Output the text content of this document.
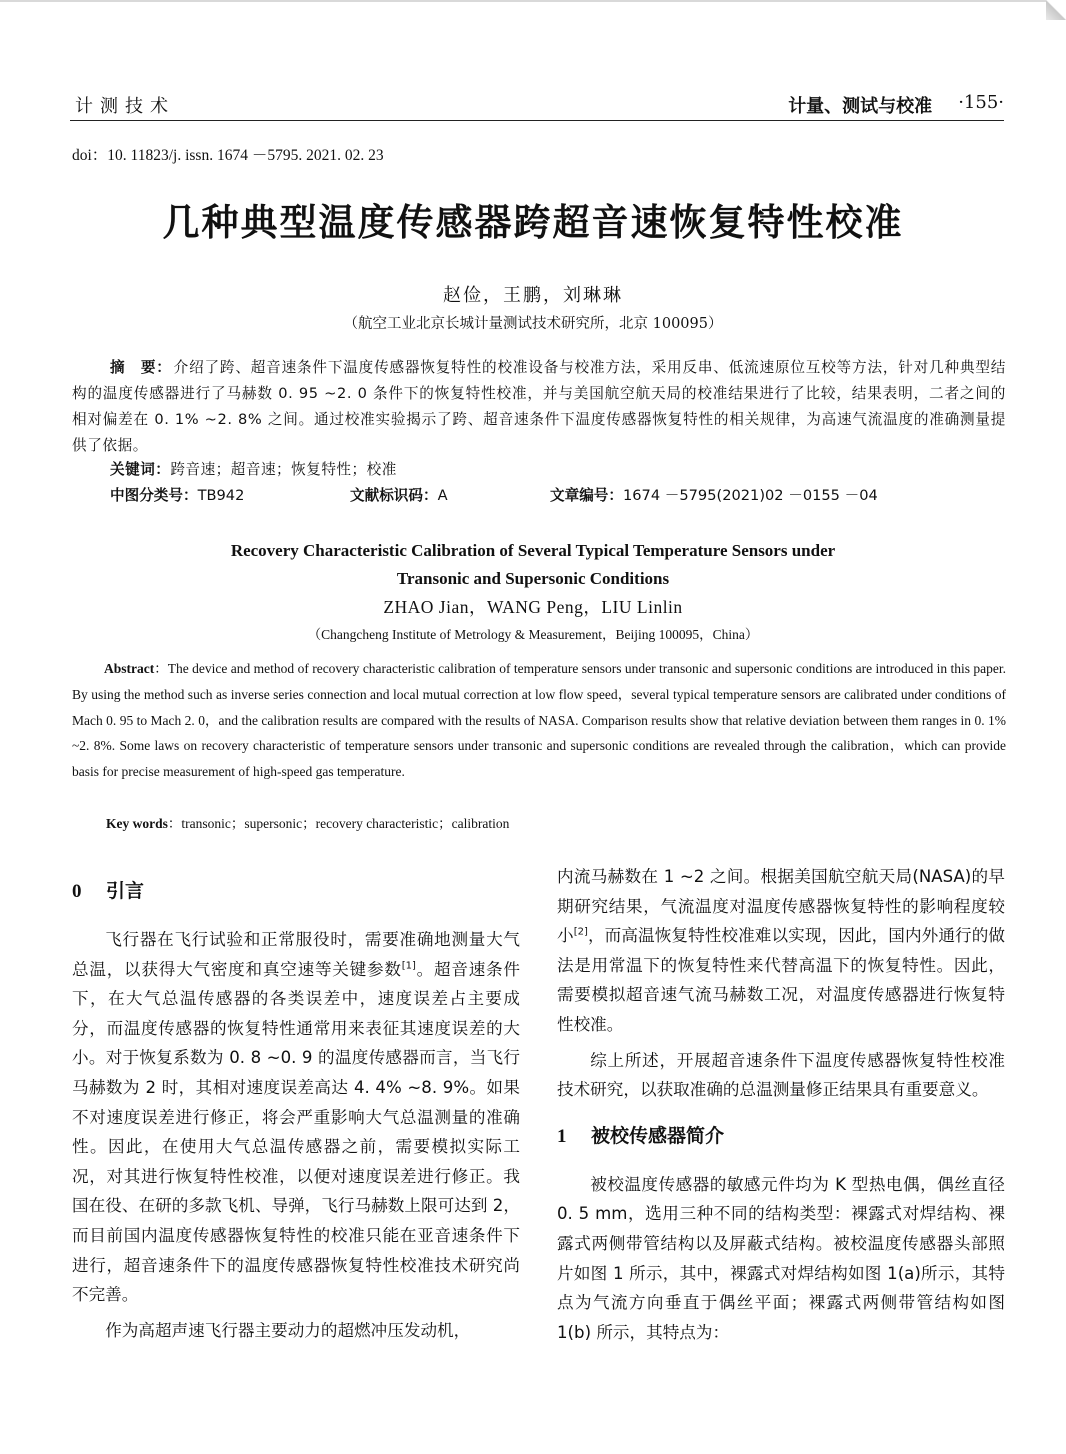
计测技术	计量、测试与校准 ·155·
doi：10. 11823/j. issn. 1674 －5795. 2021. 02. 23
几种典型温度传感器跨超音速恢复特性校准
赵俭，王鹏，刘琳琳
（航空工业北京长城计量测试技术研究所，北京 100095）
摘　要： 介绍了跨、超音速条件下温度传感器恢复特性的校准设备与校准方法，采用反串、低流速原位互校等方法，针对几种典型结构的温度传感器进行了马赫数 0. 95 ~2. 0 条件下的恢复特性校准，并与美国航空航天局的校准结果进行了比较，结果表明，二者之间的相对偏差在 0. 1% ~2. 8% 之间。通过校准实验揭示了跨、超音速条件下温度传感器恢复特性的相关规律，为高速气流温度的准确测量提供了依据。
关键词：跨音速；超音速；恢复特性；校准
中图分类号：TB942	文献标识码：A	文章编号：1674 －5795(2021)02 －0155 －04
Recovery Characteristic Calibration of Several Typical Temperature Sensors under
Transonic and Supersonic Conditions
ZHAO Jian，WANG Peng，LIU Linlin
（Changcheng Institute of Metrology & Measurement，Beijing 100095，China）
Abstract：The device and method of recovery characteristic calibration of temperature sensors under transonic and supersonic conditions are introduced in this paper. By using the method such as inverse series connection and local mutual correction at low flow speed，several typical temperature sensors are calibrated under conditions of Mach 0. 95 to Mach 2. 0，and the calibration results are compared with the results of NASA. Comparison results show that relative deviation between them ranges in 0. 1% ~2. 8%. Some laws on recovery characteristic of temperature sensors under transonic and supersonic conditions are revealed through the calibration，which can provide basis for precise measurement of high-speed gas temperature.
Key words：transonic；supersonic；recovery characteristic；calibration
0 引言

飞行器在飞行试验和正常服役时，需要准确地测量大气总温，以获得大气密度和真空速等关键参数[1]。超音速条件下，在大气总温传感器的各类误差中，速度误差占主要成分，而温度传感器的恢复特性通常用来表征其速度误差的大小。对于恢复系数为 0. 8 ~0. 9 的温度传感器而言，当飞行马赫数为 2 时，其相对速度误差高达 4. 4% ~8. 9%。如果不对速度误差进行修正，将会严重影响大气总温测量的准确性。因此，在使用大气总温传感器之前，需要模拟实际工况，对其进行恢复特性校准，以便对速度误差进行修正。我国在役、在研的多款飞机、导弹，飞行马赫数上限可达到 2，而目前国内温度传感器恢复特性的校准只能在亚音速条件下进行，超音速条件下的温度传感器恢复特性校准技术研究尚不完善。

作为高超声速飞行器主要动力的超燃冲压发动机，

内流马赫数在 1 ~2 之间。根据美国航空航天局(NASA)的早期研究结果，气流温度对温度传感器恢复特性的影响程度较小[2]，而高温恢复特性校准难以实现，因此，国内外通行的做法是用常温下的恢复特性来代替高温下的恢复特性。因此，需要模拟超音速气流马赫数工况，对温度传感器进行恢复特性校准。

综上所述，开展超音速条件下温度传感器恢复特性校准技术研究，以获取准确的总温测量修正结果具有重要意义。

1 被校传感器简介

被校温度传感器的敏感元件均为 K 型热电偶，偶丝直径 0. 5 mm，选用三种不同的结构类型：裸露式对焊结构、裸露式两侧带管结构以及屏蔽式结构。被校温度传感器头部照片如图 1 所示，其中，裸露式对焊结构如图 1(a)所示，其特点为气流方向垂直于偶丝平面；裸露式两侧带管结构如图 1(b) 所示，其特点为：
